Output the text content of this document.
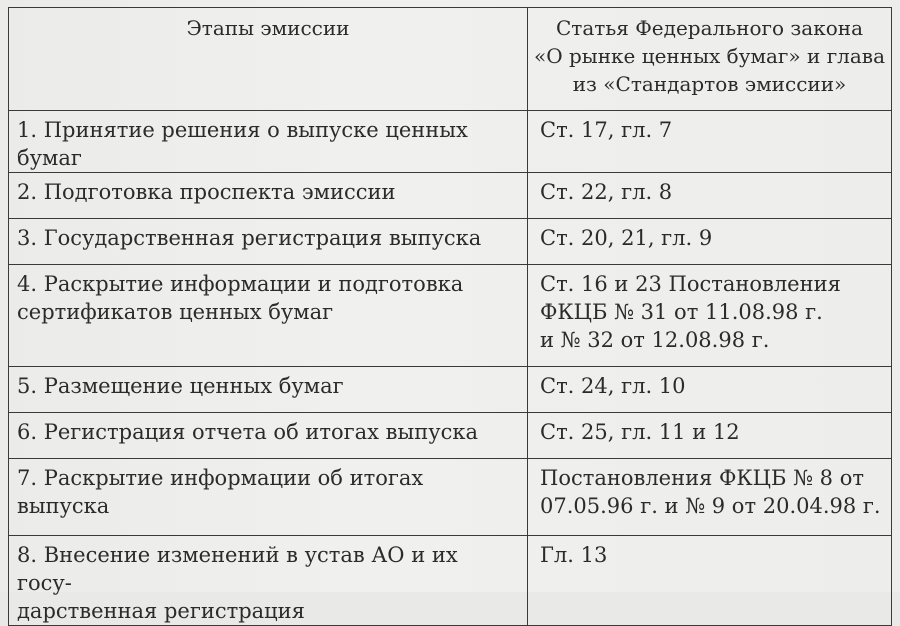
Этапы эмиссии	Статья Федерального закона
«О рынке ценных бумаг» и глава
из «Стандартов эмиссии»

1. Принятие решения о выпуске ценных бумаг	Ст. 17, гл. 7

2. Подготовка проспекта эмиссии	Ст. 22, гл. 8

3. Государственная регистрация выпуска	Ст. 20, 21, гл. 9

4. Раскрытие информации и подготовка
сертификатов ценных бумаг	Ст. 16 и 23 Постановления
ФКЦБ № 31 от 11.08.98 г.
и № 32 от 12.08.98 г.

5. Размещение ценных бумаг	Ст. 24, гл. 10

6. Регистрация отчета об итогах выпуска	Ст. 25, гл. 11 и 12

7. Раскрытие информации об итогах выпуска	Постановления ФКЦБ № 8 от
07.05.96 г. и № 9 от 20.04.98 г.

8. Внесение изменений в устав АО и их госу-
дарственная регистрация	Гл. 13
